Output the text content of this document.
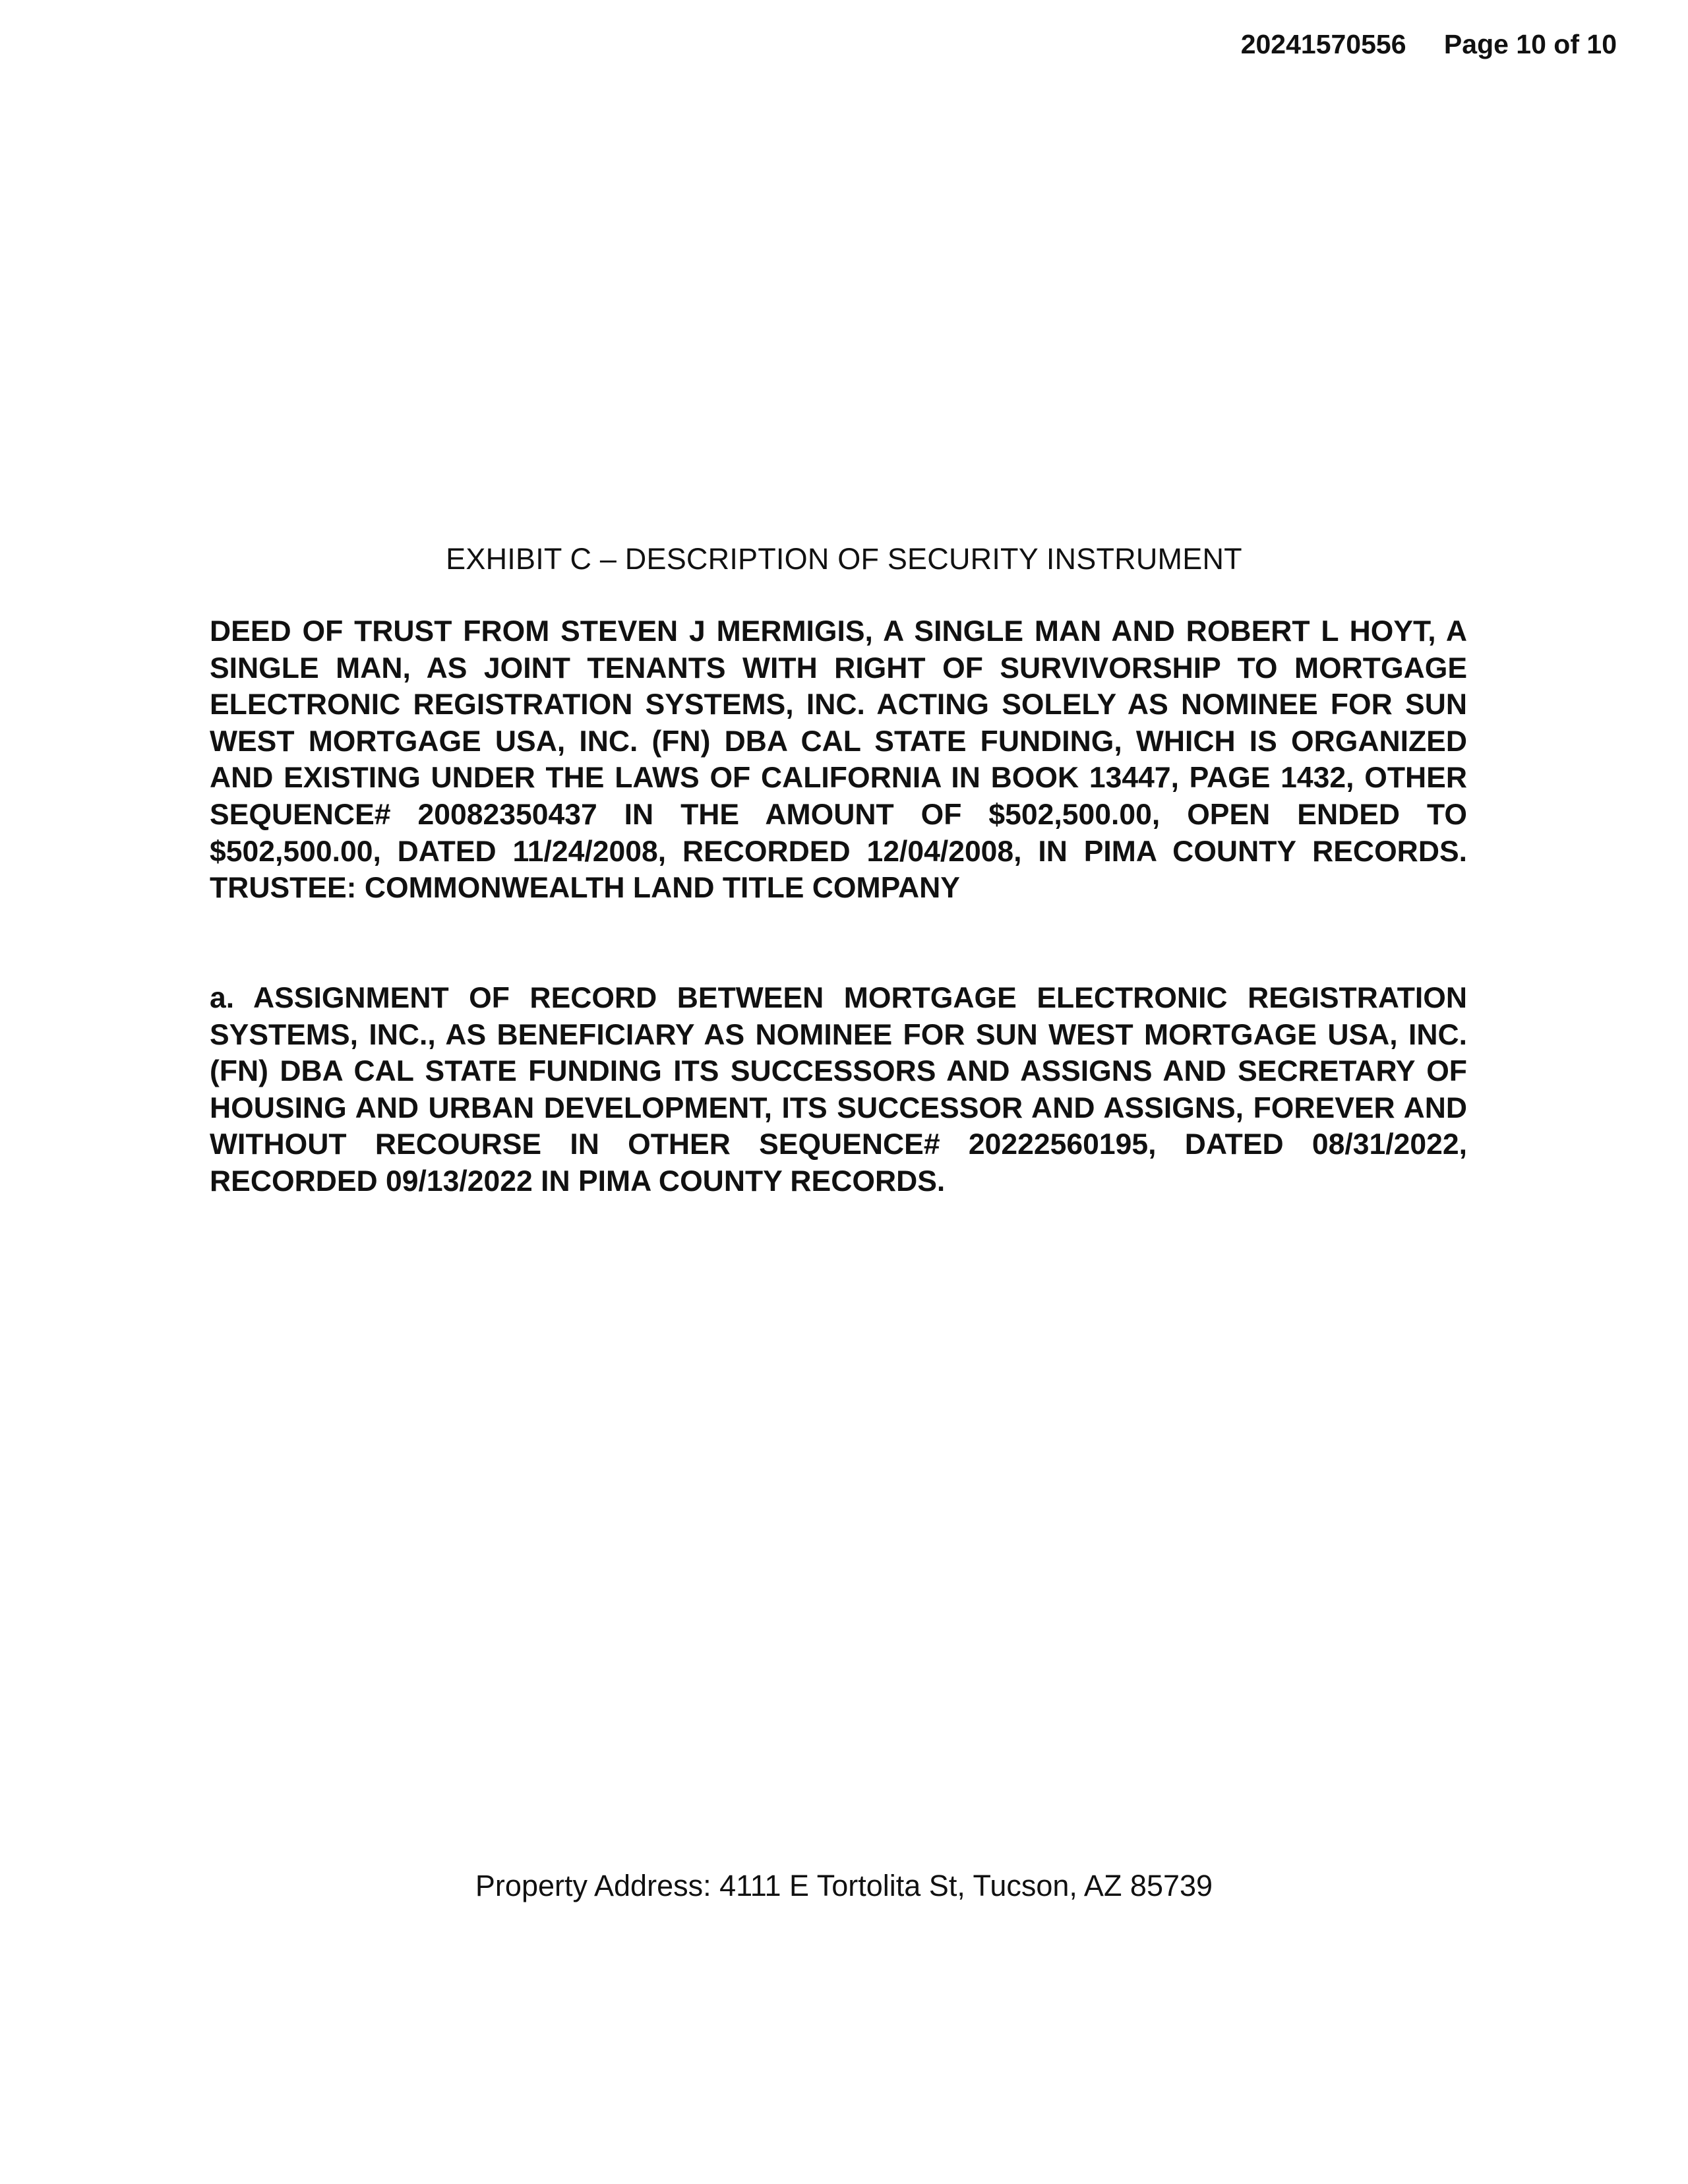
20241570556 Page 10 of 10
EXHIBIT C – DESCRIPTION OF SECURITY INSTRUMENT
DEED OF TRUST FROM STEVEN J MERMIGIS, A SINGLE MAN AND ROBERT L HOYT, A SINGLE MAN, AS JOINT TENANTS WITH RIGHT OF SURVIVORSHIP TO MORTGAGE ELECTRONIC REGISTRATION SYSTEMS, INC. ACTING SOLELY AS NOMINEE FOR SUN WEST MORTGAGE USA, INC. (FN) DBA CAL STATE FUNDING, WHICH IS ORGANIZED AND EXISTING UNDER THE LAWS OF CALIFORNIA IN BOOK 13447, PAGE 1432, OTHER SEQUENCE# 20082350437 IN THE AMOUNT OF $502,500.00, OPEN ENDED TO $502,500.00, DATED 11/24/2008, RECORDED 12/04/2008, IN PIMA COUNTY RECORDS. TRUSTEE: COMMONWEALTH LAND TITLE COMPANY
a. ASSIGNMENT OF RECORD BETWEEN MORTGAGE ELECTRONIC REGISTRATION SYSTEMS, INC., AS BENEFICIARY AS NOMINEE FOR SUN WEST MORTGAGE USA, INC. (FN) DBA CAL STATE FUNDING ITS SUCCESSORS AND ASSIGNS AND SECRETARY OF HOUSING AND URBAN DEVELOPMENT, ITS SUCCESSOR AND ASSIGNS, FOREVER AND WITHOUT RECOURSE IN OTHER SEQUENCE# 20222560195, DATED 08/31/2022, RECORDED 09/13/2022 IN PIMA COUNTY RECORDS.
Property Address: 4111 E Tortolita St, Tucson, AZ 85739
